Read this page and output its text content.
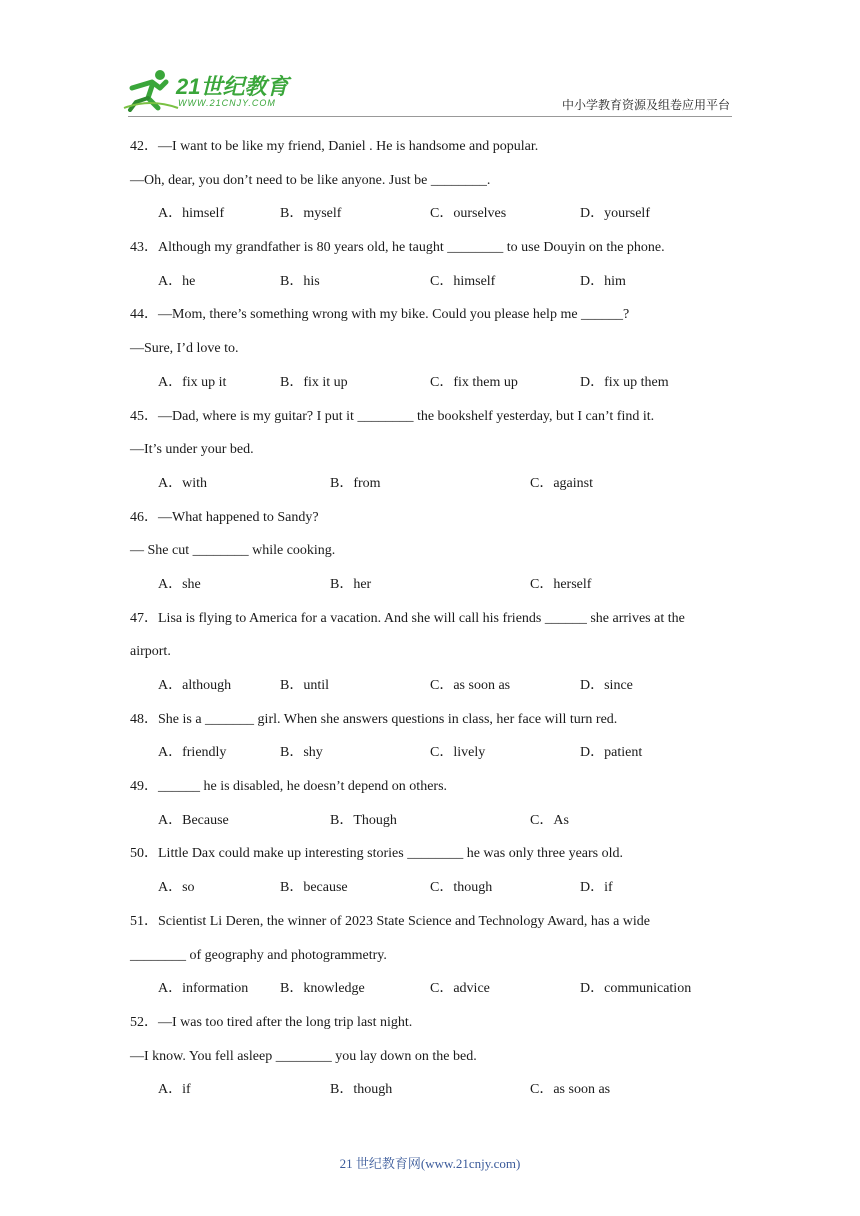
21世纪教育
WWW.21CNJY.COM	中小学教育资源及组卷应用平台
42．—I want to be like my friend, Daniel . He is handsome and popular.
—Oh, dear, you don’t need to be like anyone. Just be ________.
A．himself	B．myself	C．ourselves	D．yourself
43．Although my grandfather is 80 years old, he taught ________ to use Douyin on the phone.
A．he	B．his	C．himself	D．him
44．—Mom, there’s something wrong with my bike. Could you please help me ______?
—Sure, I’d love to.
A．fix up it	B．fix it up	C．fix them up	D．fix up them
45．—Dad, where is my guitar? I put it ________ the bookshelf yesterday, but I can’t find it.
—It’s under your bed.
A．with	B．from	C．against
46．—What happened to Sandy?
— She cut ________ while cooking.
A．she	B．her	C．herself
47．Lisa is flying to America for a vacation. And she will call his friends ______ she arrives at the
airport.
A．although	B．until	C．as soon as	D．since
48．She is a _______ girl. When she answers questions in class, her face will turn red.
A．friendly	B．shy	C．lively	D．patient
49．______ he is disabled, he doesn’t depend on others.
A．Because	B．Though	C．As
50．Little Dax could make up interesting stories ________ he was only three years old.
A．so	B．because	C．though	D．if
51．Scientist Li Deren, the winner of 2023 State Science and Technology Award, has a wide
________ of geography and photogrammetry.
A．information B．knowledge	C．advice	D．communication
52．—I was too tired after the long trip last night.
—I know. You fell asleep ________ you lay down on the bed.
A．if	B．though	C．as soon as
21 世纪教育网(www.21cnjy.com)
